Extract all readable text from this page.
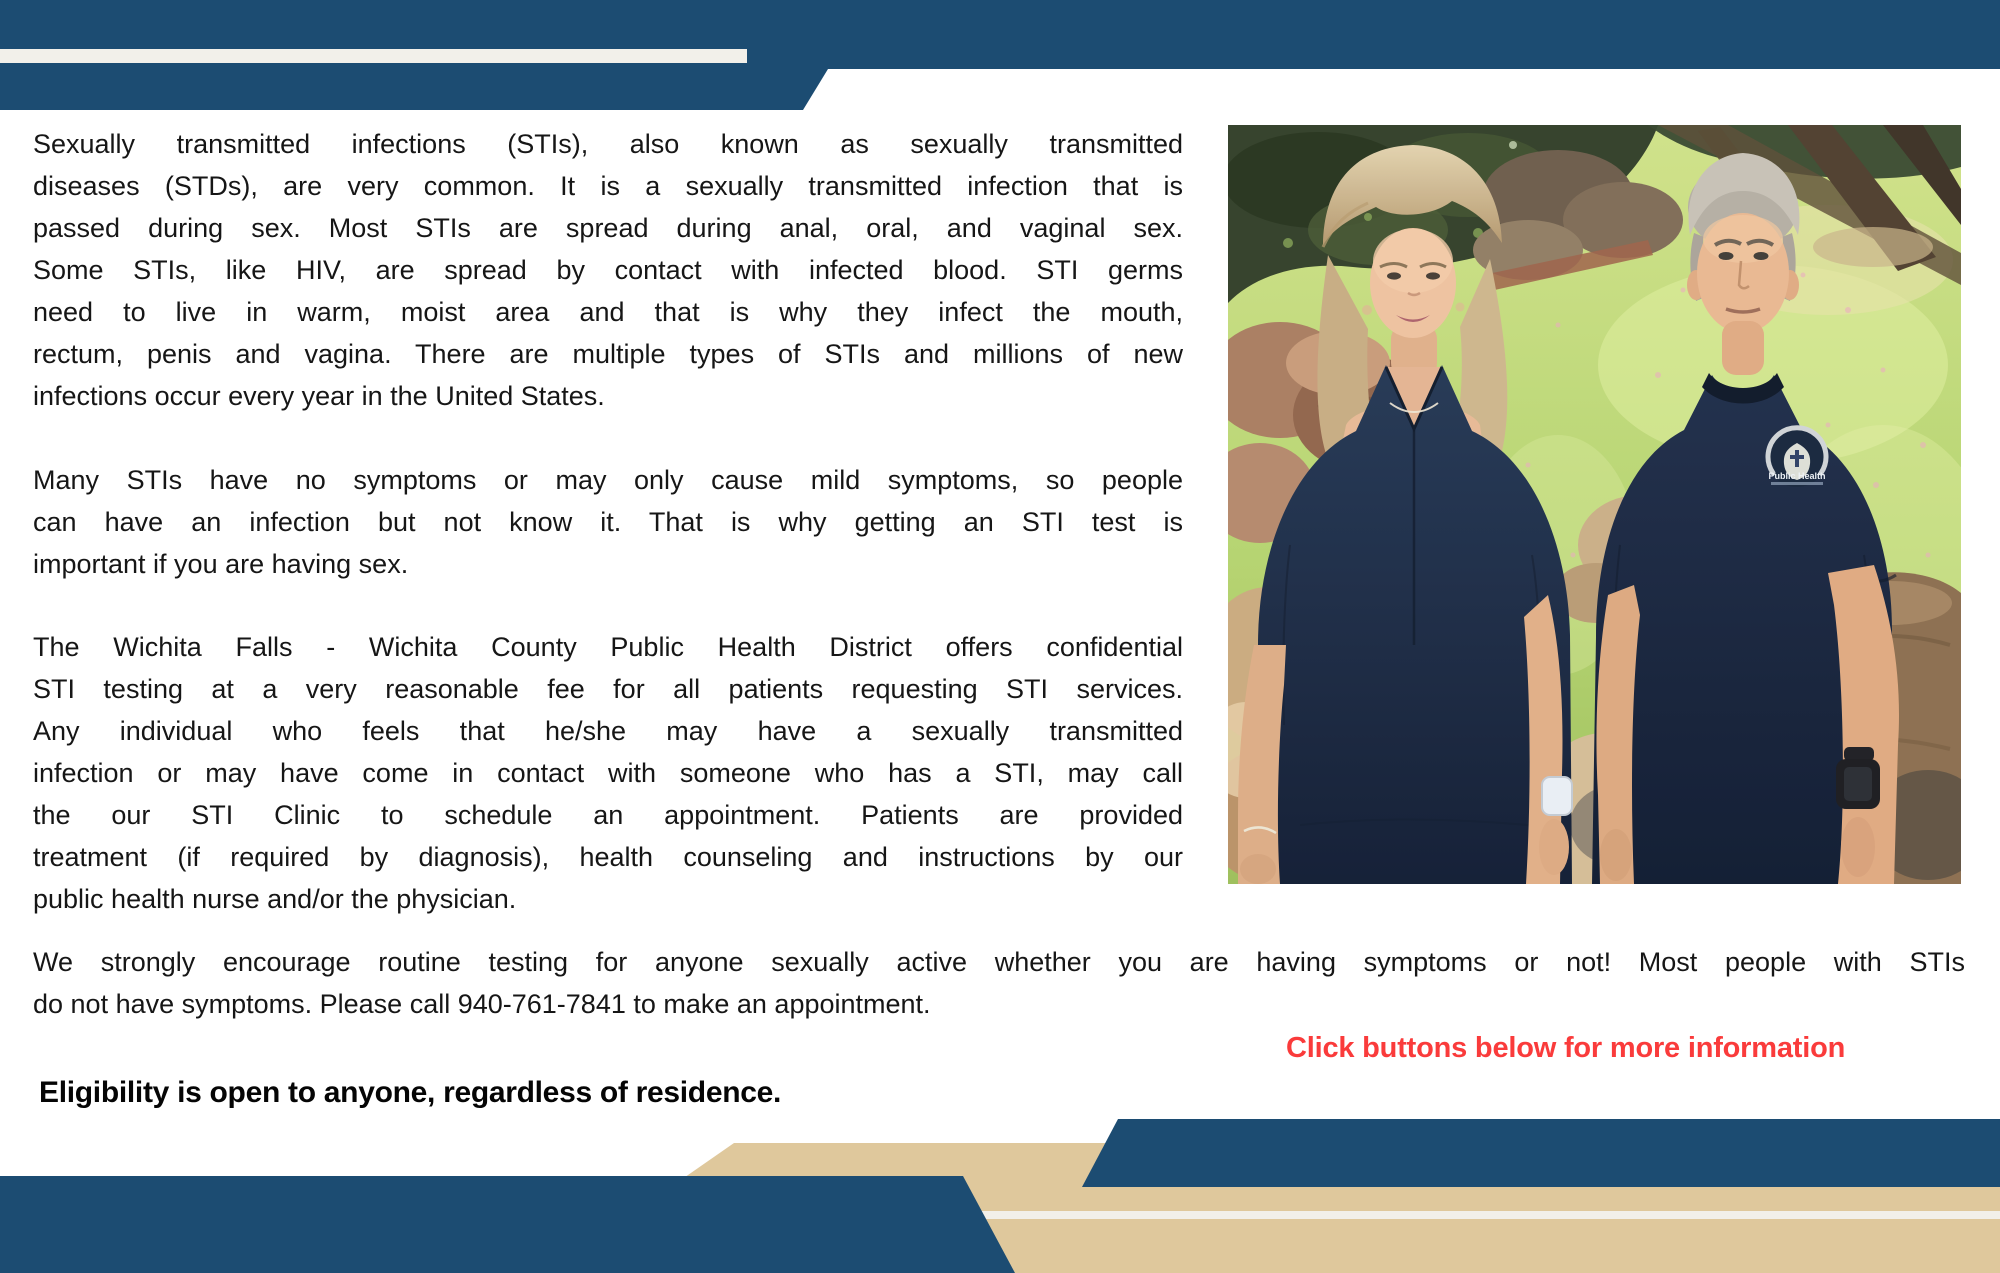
Sexually transmitted infections (STIs), also known as sexually transmitted
diseases (STDs), are very common. It is a sexually transmitted infection that is
passed during sex. Most STIs are spread during anal, oral, and vaginal sex.
Some STIs, like HIV, are spread by contact with infected blood. STI germs
need to live in warm, moist area and that is why they infect the mouth,
rectum, penis and vagina. There are multiple types of STIs and millions of new
infections occur every year in the United States.
Many STIs have no symptoms or may only cause mild symptoms, so people
can have an infection but not know it. That is why getting an STI test is
important if you are having sex.
The Wichita Falls - Wichita County Public Health District offers confidential
STI testing at a very reasonable fee for all patients requesting STI services.
Any individual who feels that he/she may have a sexually transmitted
infection or may have come in contact with someone who has a STI, may call
the our STI Clinic to schedule an appointment. Patients are provided
treatment (if required by diagnosis), health counseling and instructions by our
public health nurse and/or the physician.
We strongly encourage routine testing for anyone sexually active whether you are having symptoms or not! Most people with STIs
do not have symptoms. Please call 940-761-7841 to make an appointment.
Click buttons below for more information
Eligibility is open to anyone, regardless of residence.
Public Health
